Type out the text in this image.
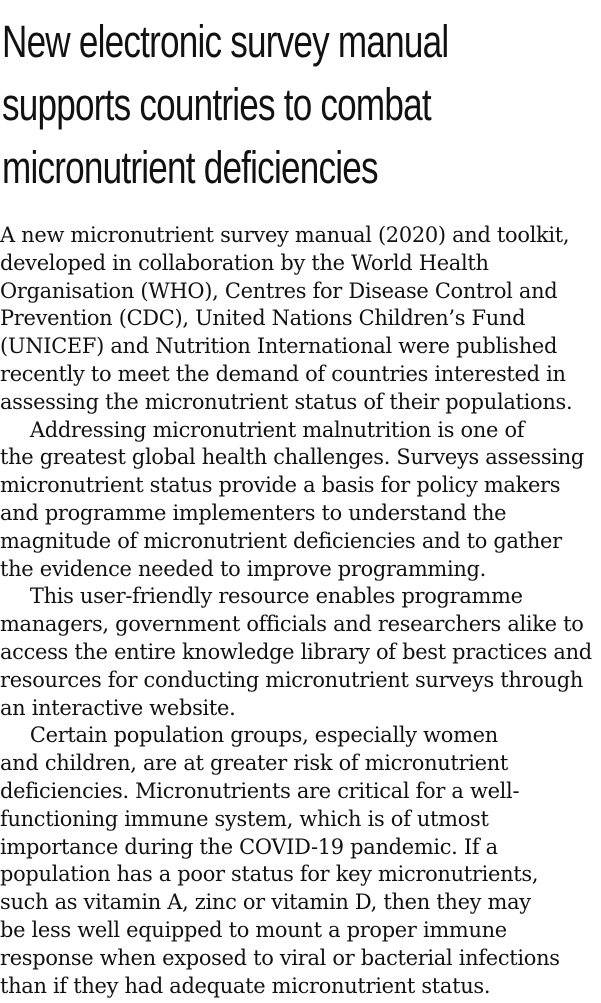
New electronic survey manual
supports countries to combat
micronutrient deficiencies
A new micronutrient survey manual (2020) and toolkit,
developed in collaboration by the World Health
Organisation (WHO), Centres for Disease Control and
Prevention (CDC), United Nations Children’s Fund
(UNICEF) and Nutrition International were published
recently to meet the demand of countries interested in
assessing the micronutrient status of their populations.
Addressing micronutrient malnutrition is one of
the greatest global health challenges. Surveys assessing
micronutrient status provide a basis for policy makers
and programme implementers to understand the
magnitude of micronutrient deficiencies and to gather
the evidence needed to improve programming.
This user-friendly resource enables programme
managers, government officials and researchers alike to
access the entire knowledge library of best practices and
resources for conducting micronutrient surveys through
an interactive website.
Certain population groups, especially women
and children, are at greater risk of micronutrient
deficiencies. Micronutrients are critical for a well-
functioning immune system, which is of utmost
importance during the COVID-19 pandemic. If a
population has a poor status for key micronutrients,
such as vitamin A, zinc or vitamin D, then they may
be less well equipped to mount a proper immune
response when exposed to viral or bacterial infections
than if they had adequate micronutrient status.
